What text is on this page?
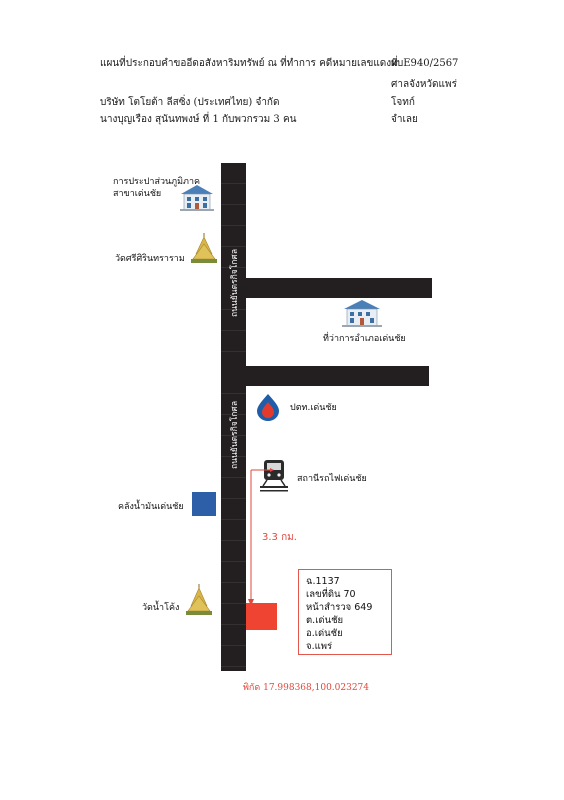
แผนที่ประกอบคำขออีดอสังหาริมทรัพย์ ณ ที่ทำการ คดีหมายเลขแดงที่
ผบE940/2567
ศาลจังหวัดแพร่
บริษัท โตโยต้า ลีสซิ่ง (ประเทศไทย) จำกัด	โจทก์
นางบุญเรือง สุนันทพงษ์ ที่ 1 กับพวกรวม 3 คน	จำเลย
ถนนยันตรกิจโกศล
ถนนยันตรกิจโกศล
การประปาส่วนภูมิภาค
สาขาเด่นชัย
วัดศรีศิรินทราราม
ที่ว่าการอำเภอเด่นชัย
ปตท.เด่นชัย
สถานีรถไฟเด่นชัย
คลังน้ำมันเด่นชัย
3.3 กม.
วัดน้ำโค้ง
ฉ.1137
เลขที่ดิน 70
หน้าสำรวจ 649
ต.เด่นชัย
อ.เด่นชัย
จ.แพร่
พิกัด 17.998368,100.023274
